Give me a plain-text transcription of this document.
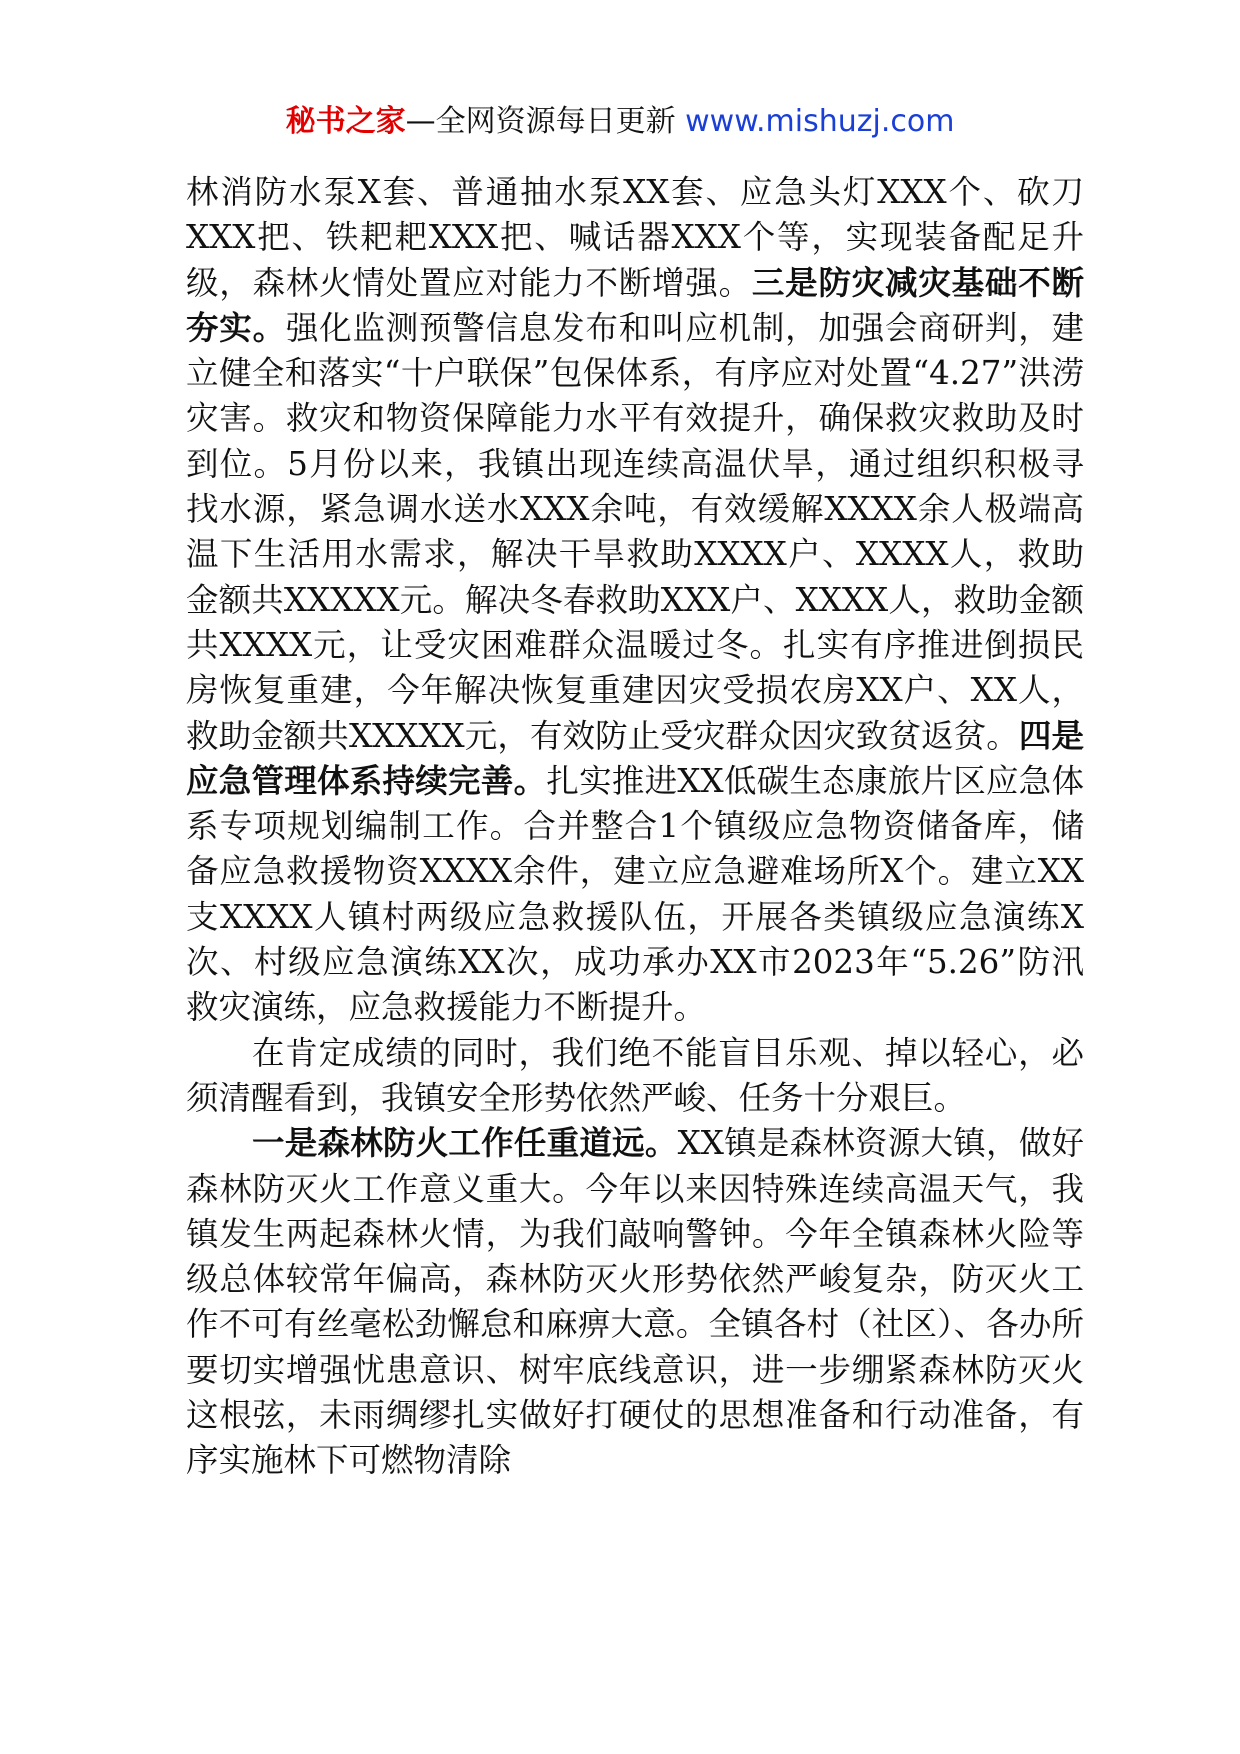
秘书之家—全网资源每日更新 www.mishuzj.com

林消防水泵X套、普通抽水泵XX套、应急头灯XXX个、砍刀XXX把、铁耙耙XXX把、喊话器XXX个等，实现装备配足升级，森林火情处置应对能力不断增强。三是防灾减灾基础不断夯实。强化监测预警信息发布和叫应机制，加强会商研判，建立健全和落实“十户联保”包保体系，有序应对处置“4.27”洪涝灾害。救灾和物资保障能力水平有效提升，确保救灾救助及时到位。5月份以来，我镇出现连续高温伏旱，通过组织积极寻找水源，紧急调水送水XXX余吨，有效缓解XXXX余人极端高温下生活用水需求，解决干旱救助XXXX户、XXXX人，救助金额共XXXXX元。解决冬春救助XXX户、XXXX人，救助金额共XXXX元，让受灾困难群众温暖过冬。扎实有序推进倒损民房恢复重建，今年解决恢复重建因灾受损农房XX户、XX人，救助金额共XXXXX元，有效防止受灾群众因灾致贫返贫。四是应急管理体系持续完善。扎实推进XX低碳生态康旅片区应急体系专项规划编制工作。合并整合1个镇级应急物资储备库，储备应急救援物资XXXX余件，建立应急避难场所X个。建立XX支XXXX人镇村两级应急救援队伍，开展各类镇级应急演练X次、村级应急演练XX次，成功承办XX市2023年“5.26”防汛救灾演练，应急救援能力不断提升。

在肯定成绩的同时，我们绝不能盲目乐观、掉以轻心，必须清醒看到，我镇安全形势依然严峻、任务十分艰巨。

一是森林防火工作任重道远。XX镇是森林资源大镇，做好森林防灭火工作意义重大。今年以来因特殊连续高温天气，我镇发生两起森林火情，为我们敲响警钟。今年全镇森林火险等级总体较常年偏高，森林防灭火形势依然严峻复杂，防灭火工作不可有丝毫松劲懈怠和麻痹大意。全镇各村（社区）、各办所要切实增强忧患意识、树牢底线意识，进一步绷紧森林防灭火这根弦，未雨绸缪扎实做好打硬仗的思想准备和行动准备，有序实施林下可燃物清除
